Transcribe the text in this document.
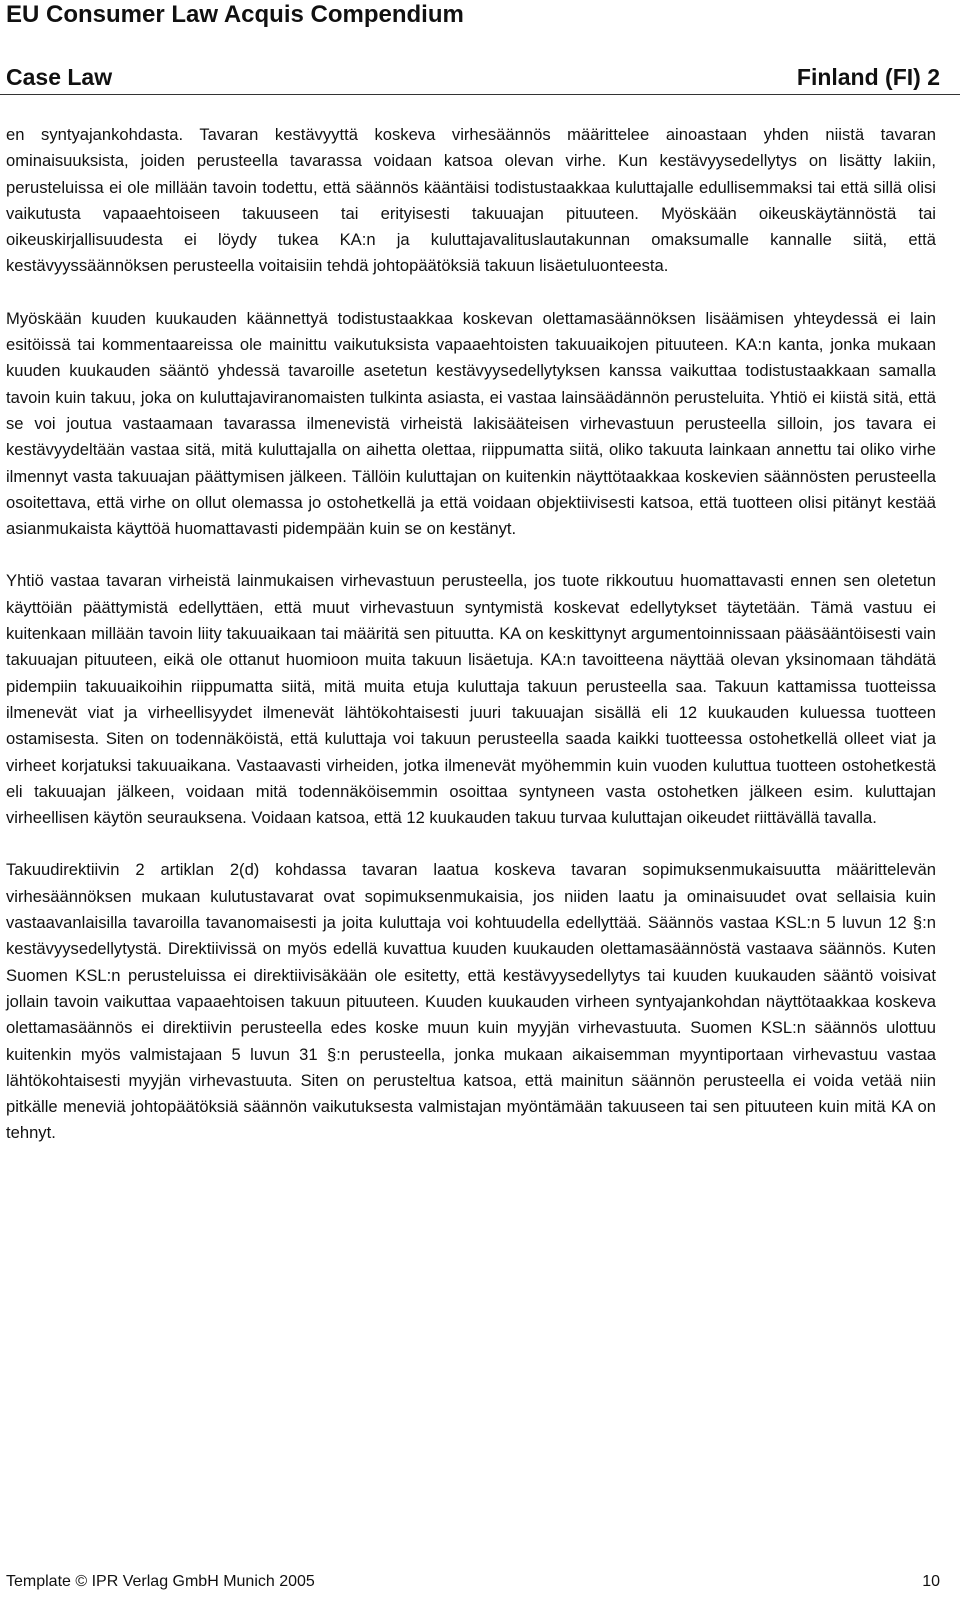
EU Consumer Law Acquis Compendium
Case Law	Finland (FI) 2

en syntyajankohdasta. Tavaran kestävyyttä koskeva virhesäännös määrittelee ainoastaan yhden niistä tavaran ominaisuuksista, joiden perusteella tavarassa voidaan katsoa olevan virhe. Kun kestävyysedellytys on lisätty lakiin, perusteluissa ei ole millään tavoin todettu, että säännös kääntäisi todistustaakkaa kuluttajalle edullisemmaksi tai että sillä olisi vaikutusta vapaaehtoiseen takuuseen tai erityisesti takuuajan pituuteen. Myöskään oikeuskäytännöstä tai oikeuskirjallisuudesta ei löydy tukea KA:n ja kuluttajavalituslautakunnan omaksumalle kannalle siitä, että kestävyyssäännöksen perusteella voitaisiin tehdä johtopäätöksiä takuun lisäetuluonteesta.

Myöskään kuuden kuukauden käännettyä todistustaakkaa koskevan olettamasäännöksen lisäämisen yhteydessä ei lain esitöissä tai kommentaareissa ole mainittu vaikutuksista vapaaehtoisten takuuaikojen pituuteen. KA:n kanta, jonka mukaan kuuden kuukauden sääntö yhdessä tavaroille asetetun kestävyysedellytyksen kanssa vaikuttaa todistustaakkaan samalla tavoin kuin takuu, joka on kuluttajaviranomaisten tulkinta asiasta, ei vastaa lainsäädännön perusteluita. Yhtiö ei kiistä sitä, että se voi joutua vastaamaan tavarassa ilmenevistä virheistä lakisääteisen virhevastuun perusteella silloin, jos tavara ei kestävyydeltään vastaa sitä, mitä kuluttajalla on aihetta olettaa, riippumatta siitä, oliko takuuta lainkaan annettu tai oliko virhe ilmennyt vasta takuuajan päättymisen jälkeen. Tällöin kuluttajan on kuitenkin näyttötaakkaa koskevien säännösten perusteella osoitettava, että virhe on ollut olemassa jo ostohetkellä ja että voidaan objektiivisesti katsoa, että tuotteen olisi pitänyt kestää asianmukaista käyttöä huomattavasti pidempään kuin se on kestänyt.

Yhtiö vastaa tavaran virheistä lainmukaisen virhevastuun perusteella, jos tuote rikkoutuu huomattavasti ennen sen oletetun käyttöiän päättymistä edellyttäen, että muut virhevastuun syntymistä koskevat edellytykset täytetään. Tämä vastuu ei kuitenkaan millään tavoin liity takuuaikaan tai määritä sen pituutta. KA on keskittynyt argumentoinnissaan pääsääntöisesti vain takuuajan pituuteen, eikä ole ottanut huomioon muita takuun lisäetuja. KA:n tavoitteena näyttää olevan yksinomaan tähdätä pidempiin takuuaikoihin riippumatta siitä, mitä muita etuja kuluttaja takuun perusteella saa. Takuun kattamissa tuotteissa ilmenevät viat ja virheellisyydet ilmenevät lähtökohtaisesti juuri takuuajan sisällä eli 12 kuukauden kuluessa tuotteen ostamisesta. Siten on todennäköistä, että kuluttaja voi takuun perusteella saada kaikki tuotteessa ostohetkellä olleet viat ja virheet korjatuksi takuuaikana. Vastaavasti virheiden, jotka ilmenevät myöhemmin kuin vuoden kuluttua tuotteen ostohetkestä eli takuuajan jälkeen, voidaan mitä todennäköisemmin osoittaa syntyneen vasta ostohetken jälkeen esim. kuluttajan virheellisen käytön seurauksena. Voidaan katsoa, että 12 kuukauden takuu turvaa kuluttajan oikeudet riittävällä tavalla.

Takuudirektiivin 2 artiklan 2(d) kohdassa tavaran laatua koskeva tavaran sopimuksenmukaisuutta määrittelevän virhesäännöksen mukaan kulutustavarat ovat sopimuksenmukaisia, jos niiden laatu ja ominaisuudet ovat sellaisia kuin vastaavanlaisilla tavaroilla tavanomaisesti ja joita kuluttaja voi kohtuudella edellyttää. Säännös vastaa KSL:n 5 luvun 12 §:n kestävyysedellytystä. Direktiivissä on myös edellä kuvattua kuuden kuukauden olettamasäännöstä vastaava säännös. Kuten Suomen KSL:n perusteluissa ei direktiivisäkään ole esitetty, että kestävyysedellytys tai kuuden kuukauden sääntö voisivat jollain tavoin vaikuttaa vapaaehtoisen takuun pituuteen. Kuuden kuukauden virheen syntyajankohdan näyttötaakkaa koskeva olettamasäännös ei direktiivin perusteella edes koske muun kuin myyjän virhevastuuta. Suomen KSL:n säännös ulottuu kuitenkin myös valmistajaan 5 luvun 31 §:n perusteella, jonka mukaan aikaisemman myyntiportaan virhevastuu vastaa lähtökohtaisesti myyjän virhevastuuta. Siten on perusteltua katsoa, että mainitun säännön perusteella ei voida vetää niin pitkälle meneviä johtopäätöksiä säännön vaikutuksesta valmistajan myöntämään takuuseen tai sen pituuteen kuin mitä KA on tehnyt.

Template © IPR Verlag GmbH Munich 2005	10
